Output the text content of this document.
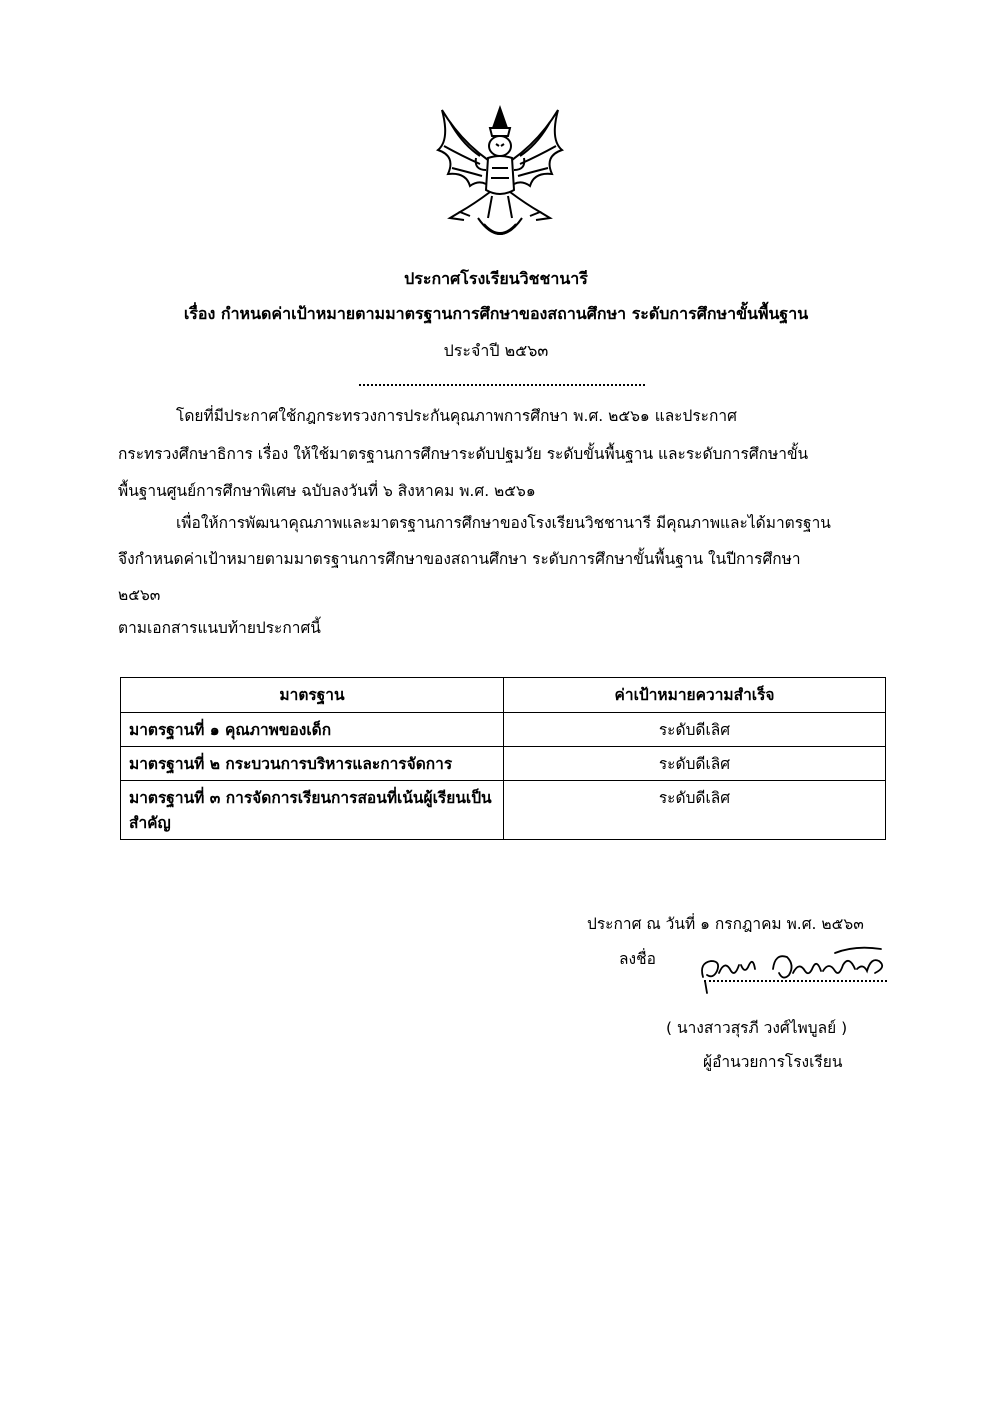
ประกาศโรงเรียนวิชชานารี
เรื่อง กำหนดค่าเป้าหมายตามมาตรฐานการศึกษาของสถานศึกษา ระดับการศึกษาขั้นพื้นฐาน
ประจำปี ๒๕๖๓
โดยที่มีประกาศใช้กฎกระทรวงการประกันคุณภาพการศึกษา พ.ศ. ๒๕๖๑ และประกาศ
กระทรวงศึกษาธิการ เรื่อง ให้ใช้มาตรฐานการศึกษาระดับปฐมวัย ระดับขั้นพื้นฐาน และระดับการศึกษาขั้น
พื้นฐานศูนย์การศึกษาพิเศษ ฉบับลงวันที่ ๖ สิงหาคม พ.ศ. ๒๕๖๑
เพื่อให้การพัฒนาคุณภาพและมาตรฐานการศึกษาของโรงเรียนวิชชานารี มีคุณภาพและได้มาตรฐาน
จึงกำหนดค่าเป้าหมายตามมาตรฐานการศึกษาของสถานศึกษา ระดับการศึกษาขั้นพื้นฐาน ในปีการศึกษา
๒๕๖๓
ตามเอกสารแนบท้ายประกาศนี้
มาตรฐาน	ค่าเป้าหมายความสำเร็จ
มาตรฐานที่ ๑ คุณภาพของเด็ก	ระดับดีเลิศ
มาตรฐานที่ ๒ กระบวนการบริหารและการจัดการ	ระดับดีเลิศ
มาตรฐานที่ ๓ การจัดการเรียนการสอนที่เน้นผู้เรียนเป็นสำคัญ	ระดับดีเลิศ
ประกาศ ณ วันที่ ๑ กรกฎาคม พ.ศ. ๒๕๖๓
ลงชื่อ
( นางสาวสุรภี วงศ์ไพบูลย์ )
ผู้อำนวยการโรงเรียน
